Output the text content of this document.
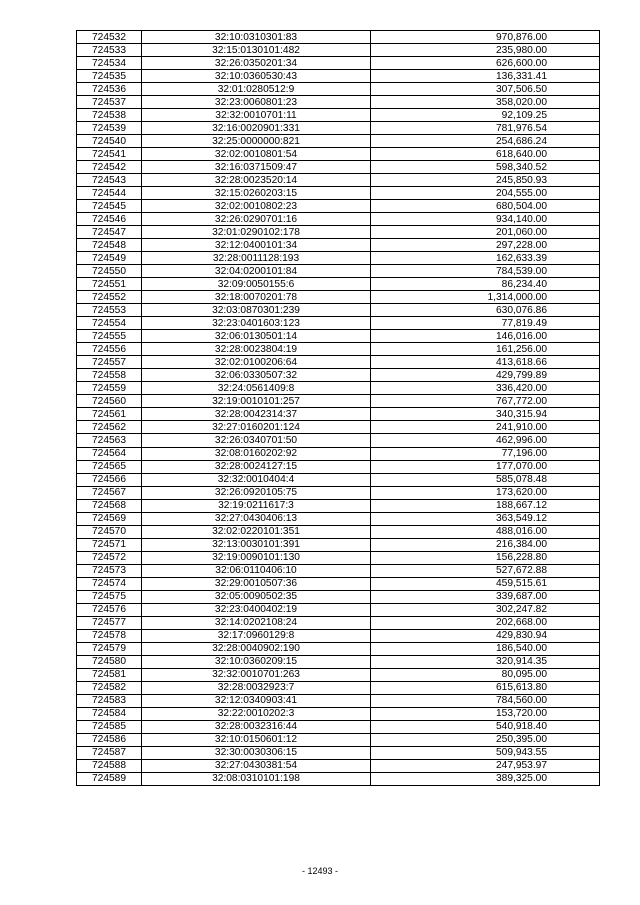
724532	32:10:0310301:83	970,876.00
724533	32:15:0130101:482	235,980.00
724534	32:26:0350201:34	626,600.00
724535	32:10:0360530:43	136,331.41
724536	32:01:0280512:9	307,506.50
724537	32:23:0060801:23	358,020.00
724538	32:32:0010701:11	92,109.25
724539	32:16:0020901:331	781,976.54
724540	32:25:0000000:821	254,686.24
724541	32:02:0010801:54	618,640.00
724542	32:16:0371509:47	598,340.52
724543	32:28:0023520:14	245,850.93
724544	32:15:0260203:15	204,555.00
724545	32:02:0010802:23	680,504.00
724546	32:26:0290701:16	934,140.00
724547	32:01:0290102:178	201,060.00
724548	32:12:0400101:34	297,228.00
724549	32:28:0011128:193	162,633.39
724550	32:04:0200101:84	784,539.00
724551	32:09:0050155:6	86,234.40
724552	32:18:0070201:78	1,314,000.00
724553	32:03:0870301:239	630,076.86
724554	32:23:0401603:123	77,819.49
724555	32:06:0130501:14	146,016.00
724556	32:28:0023804:19	161,256.00
724557	32:02:0100206:64	413,618.66
724558	32:06:0330507:32	429,799.89
724559	32:24:0561409:8	336,420.00
724560	32:19:0010101:257	767,772.00
724561	32:28:0042314:37	340,315.94
724562	32:27:0160201:124	241,910.00
724563	32:26:0340701:50	462,996.00
724564	32:08:0160202:92	77,196.00
724565	32:28:0024127:15	177,070.00
724566	32:32:0010404:4	585,078.48
724567	32:26:0920105:75	173,620.00
724568	32:19:0211617:3	188,667.12
724569	32:27:0430406:13	363,549.12
724570	32:02:0220101:351	488,016.00
724571	32:13:0030101:391	216,384.00
724572	32:19:0090101:130	156,228.80
724573	32:06:0110406:10	527,672.88
724574	32:29:0010507:36	459,515.61
724575	32:05:0090502:35	339,687.00
724576	32:23:0400402:19	302,247.82
724577	32:14:0202108:24	202,668.00
724578	32:17:0960129:8	429,830.94
724579	32:28:0040902:190	186,540.00
724580	32:10:0360209:15	320,914.35
724581	32:32:0010701:263	80,095.00
724582	32:28:0032923:7	615,613.80
724583	32:12:0340903:41	784,560.00
724584	32:22:0010202:3	153,720.00
724585	32:28:0032316:44	540,918.40
724586	32:10:0150601:12	250,395.00
724587	32:30:0030306:15	509,943.55
724588	32:27:0430381:54	247,953.97
724589	32:08:0310101:198	389,325.00
- 12493 -
